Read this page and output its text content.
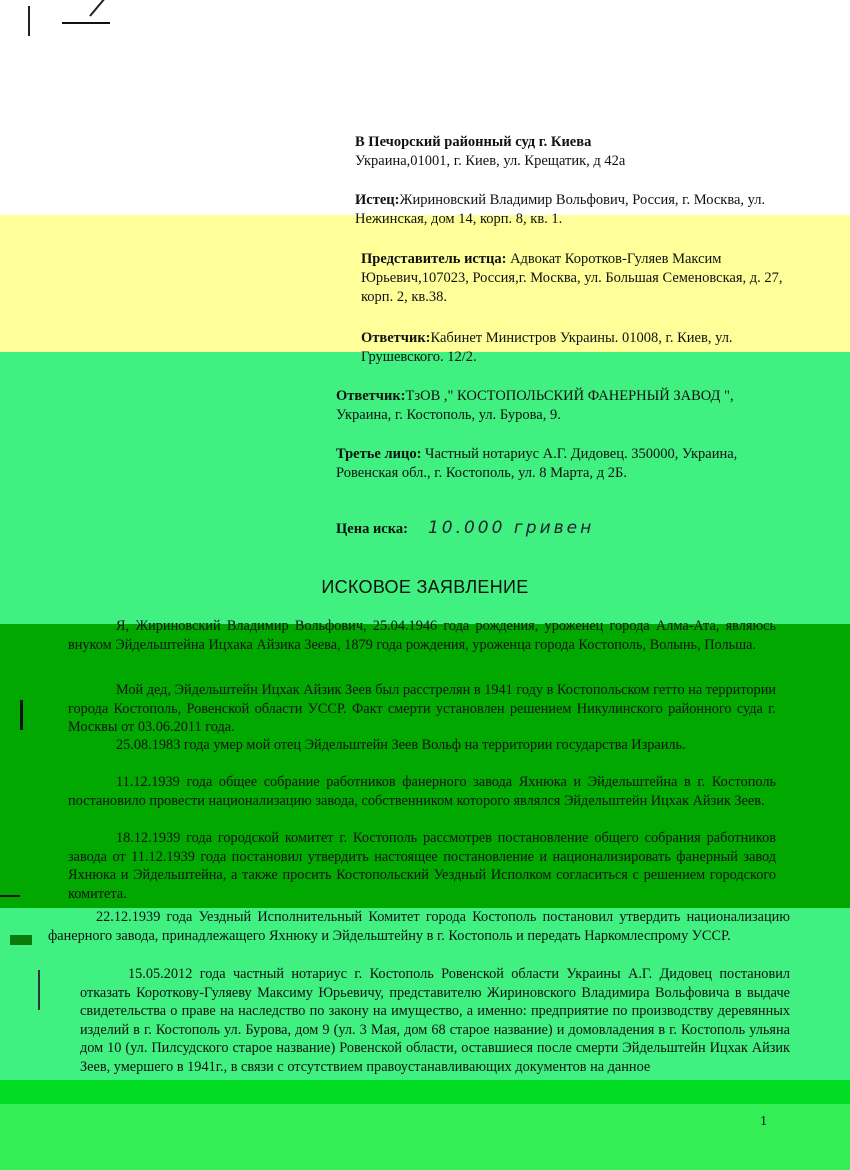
В Печорский районный суд г. Киева
Украина,01001, г. Киев, ул. Крещатик, д 42а
Истец:Жириновский Владимир Вольфович, Россия, г. Москва, ул. Нежинская, дом 14, корп. 8, кв. 1.
Представитель истца: Адвокат Коротков-Гуляев Максим Юрьевич,107023, Россия,г. Москва, ул. Большая Семеновская, д. 27, корп. 2, кв.38.
Ответчик:Кабинет Министров Украины. 01008, г. Киев, ул. Грушевского. 12/2.
Ответчик:ТзОВ ," КОСТОПОЛЬСКИЙ ФАНЕРНЫЙ ЗАВОД ", Украина, г. Костополь, ул. Бурова, 9.
Третье лицо: Частный нотариус А.Г. Дидовец. 350000, Украина, Ровенская обл., г. Костополь, ул. 8 Марта, д 2Б.
Цена иска: 10.000 гривен
ИСКОВОЕ ЗАЯВЛЕНИЕ
Я, Жириновский Владимир Вольфович, 25.04.1946 года рождения, уроженец города Алма-Ата, являюсь внуком Эйдельштейна Ицхака Айзика Зеева, 1879 года рождения, уроженца города Костополь, Волынь, Польша.
Мой дед, Эйдельштейн Ицхак Айзик Зеев был расстрелян в 1941 году в Костопольском гетто на территории города Костополь, Ровенской области УССР. Факт смерти установлен решением Никулинского районного суда г. Москвы от 03.06.2011 года.
25.08.1983 года умер мой отец Эйдельштейн Зеев Вольф на территории государства Израиль.
11.12.1939 года общее собрание работников фанерного завода Яхнюка и Эйдельштейна в г. Костополь постановило провести национализацию завода, собственником которого являлся Эйдельштейн Ицхак Айзик Зеев.
18.12.1939 года городской комитет г. Костополь рассмотрев постановление общего собрания работников завода от 11.12.1939 года постановил утвердить настоящее постановление и национализировать фанерный завод Яхнюка и Эйдельштейна, а также просить Костопольский Уездный Исполком согласиться с решением городского комитета.
22.12.1939 года Уездный Исполнительный Комитет города Костополь постановил утвердить национализацию фанерного завода, принадлежащего Яхнюку и Эйдельштейну в г. Костополь и передать Наркомлеспрому УССР.
15.05.2012 года частный нотариус г. Костополь Ровенской области Украины А.Г. Дидовец постановил отказать Короткову-Гуляеву Максиму Юрьевичу, представителю Жириновского Владимира Вольфовича в выдаче свидетельства о праве на наследство по закону на имущество, а именно: предприятие по производству деревянных изделий в г. Костополь ул. Бурова, дом 9 (ул. 3 Мая, дом 68 старое название) и домовладения в г. Костополь ульяна дом 10 (ул. Пилсудского старое название) Ровенской области, оставшиеся после смерти Эйдельштейн Ицхак Айзик Зеев, умершего в 1941г., в связи с отсутствием правоустанавливающих документов на данное
1
